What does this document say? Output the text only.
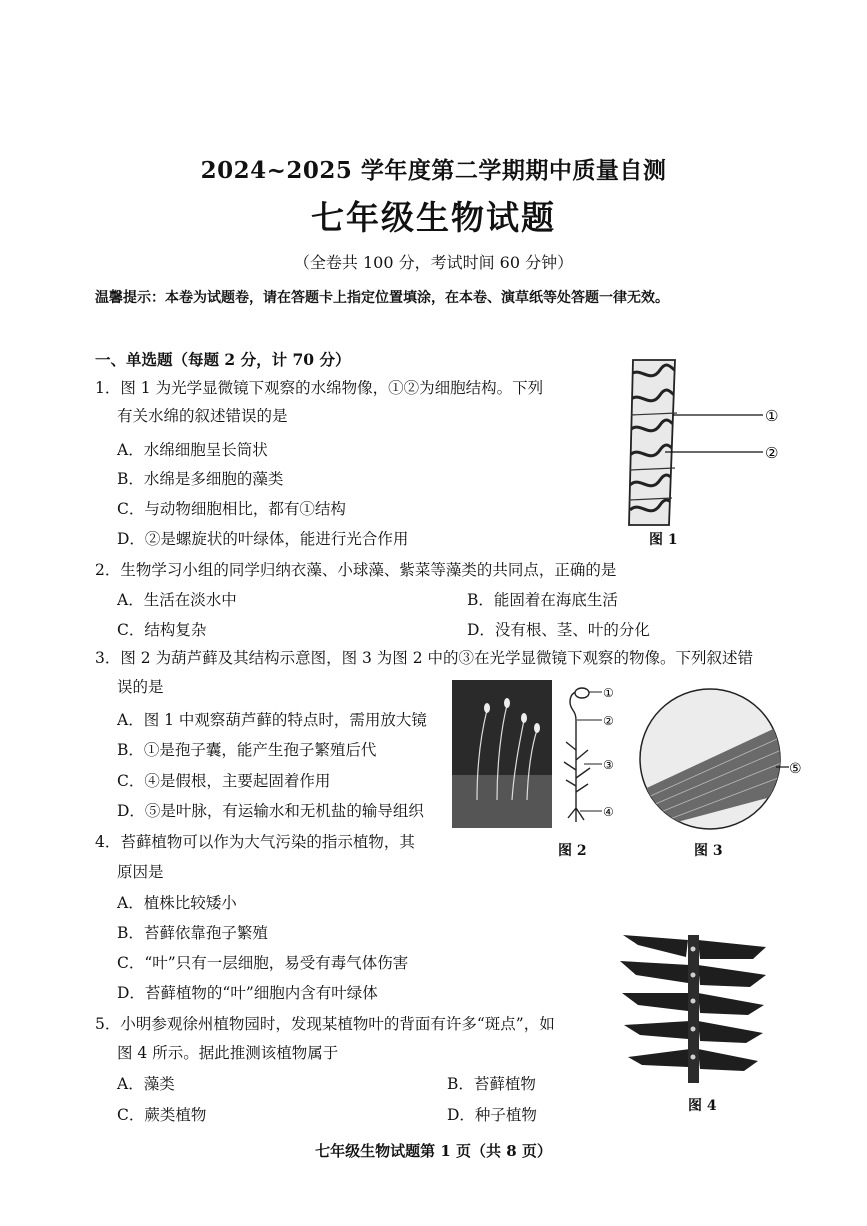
2024~2025 学年度第二学期期中质量自测
七年级生物试题
（全卷共 100 分，考试时间 60 分钟）
温馨提示：本卷为试题卷，请在答题卡上指定位置填涂，在本卷、演草纸等处答题一律无效。
一、单选题（每题 2 分，计 70 分）
1．图 1 为光学显微镜下观察的水绵物像，①②为细胞结构。下列
有关水绵的叙述错误的是
A．水绵细胞呈长筒状
B．水绵是多细胞的藻类
C．与动物细胞相比，都有①结构
D．②是螺旋状的叶绿体，能进行光合作用
2．生物学习小组的同学归纳衣藻、小球藻、紫菜等藻类的共同点，正确的是
A．生活在淡水中	B．能固着在海底生活
C．结构复杂	D．没有根、茎、叶的分化
3．图 2 为葫芦藓及其结构示意图，图 3 为图 2 中的③在光学显微镜下观察的物像。下列叙述错
误的是
A．图 1 中观察葫芦藓的特点时，需用放大镜
B．①是孢子囊，能产生孢子繁殖后代
C．④是假根，主要起固着作用
D．⑤是叶脉，有运输水和无机盐的输导组织
4．苔藓植物可以作为大气污染的指示植物，其
原因是
A．植株比较矮小
B．苔藓依靠孢子繁殖
C．“叶”只有一层细胞，易受有毒气体伤害
D．苔藓植物的“叶”细胞内含有叶绿体
5．小明参观徐州植物园时，发现某植物叶的背面有许多“斑点”，如
图 4 所示。据此推测该植物属于
A．藻类	B．苔藓植物
C．蕨类植物	D．种子植物
①
②
图 1
①
②
③
④
图 2
⑤
图 3
图 4
七年级生物试题第 1 页（共 8 页）
